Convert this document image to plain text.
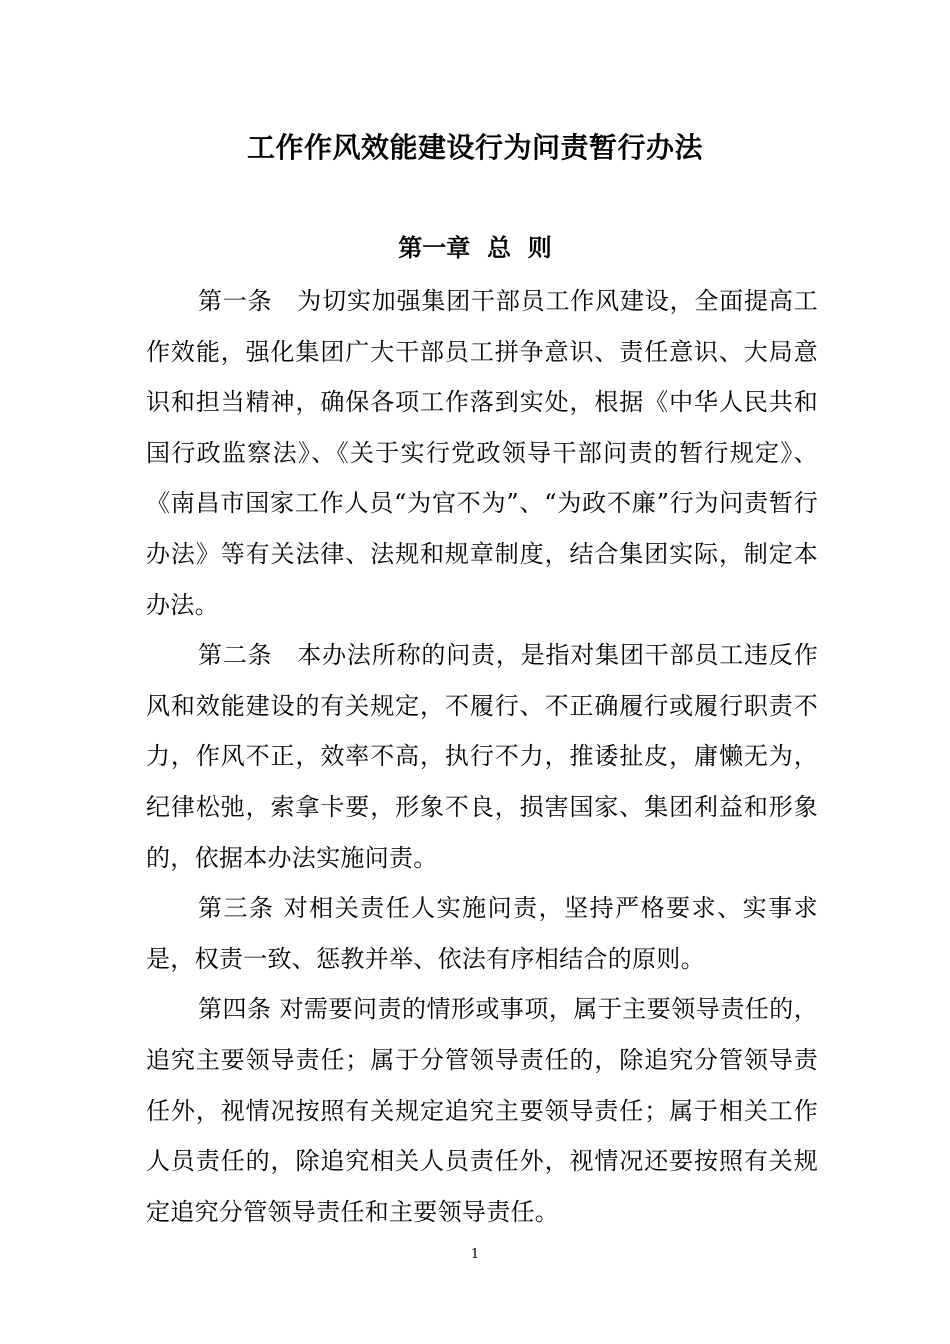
工作作风效能建设行为问责暂行办法
第一章  总  则

第一条　为切实加强集团干部员工作风建设，全面提高工作效能，强化集团广大干部员工拼争意识、责任意识、大局意识和担当精神，确保各项工作落到实处，根据《中华人民共和国行政监察法》、《关于实行党政领导干部问责的暂行规定》、《南昌市国家工作人员“为官不为”、“为政不廉”行为问责暂行办法》等有关法律、法规和规章制度，结合集团实际，制定本办法。

第二条　本办法所称的问责，是指对集团干部员工违反作风和效能建设的有关规定，不履行、不正确履行或履行职责不力，作风不正，效率不高，执行不力，推诿扯皮，庸懒无为，纪律松弛，索拿卡要，形象不良，损害国家、集团利益和形象的，依据本办法实施问责。

第三条 对相关责任人实施问责，坚持严格要求、实事求是，权责一致、惩教并举、依法有序相结合的原则。

第四条 对需要问责的情形或事项，属于主要领导责任的，追究主要领导责任；属于分管领导责任的，除追究分管领导责任外，视情况按照有关规定追究主要领导责任；属于相关工作人员责任的，除追究相关人员责任外，视情况还要按照有关规定追究分管领导责任和主要领导责任。

1
